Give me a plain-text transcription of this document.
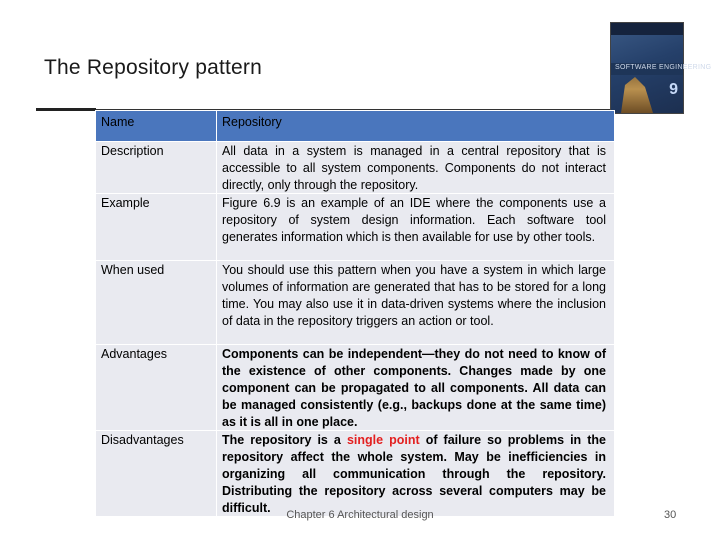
The Repository pattern	SOFTWARE ENGINEERING
9
Name	Repository
Description	All data in a system is managed in a central repository that is accessible to all system components. Components do not interact directly, only through the repository.
Example	Figure 6.9 is an example of an IDE where the components use a repository of system design information. Each software tool generates information which is then available for use by other tools.
When used	You should use this pattern when you have a system in which large volumes of information are generated that has to be stored for a long time. You may also use it in data-driven systems where the inclusion of data in the repository triggers an action or tool.
Advantages	Components can be independent—they do not need to know of the existence of other components. Changes made by one component can be propagated to all components. All data can be managed consistently (e.g., backups done at the same time) as it is all in one place.
Disadvantages	The repository is a single point of failure so problems in the repository affect the whole system. May be inefficiencies in organizing all communication through the repository. Distributing the repository across several computers may be difficult.
Chapter 6 Architectural design	30
